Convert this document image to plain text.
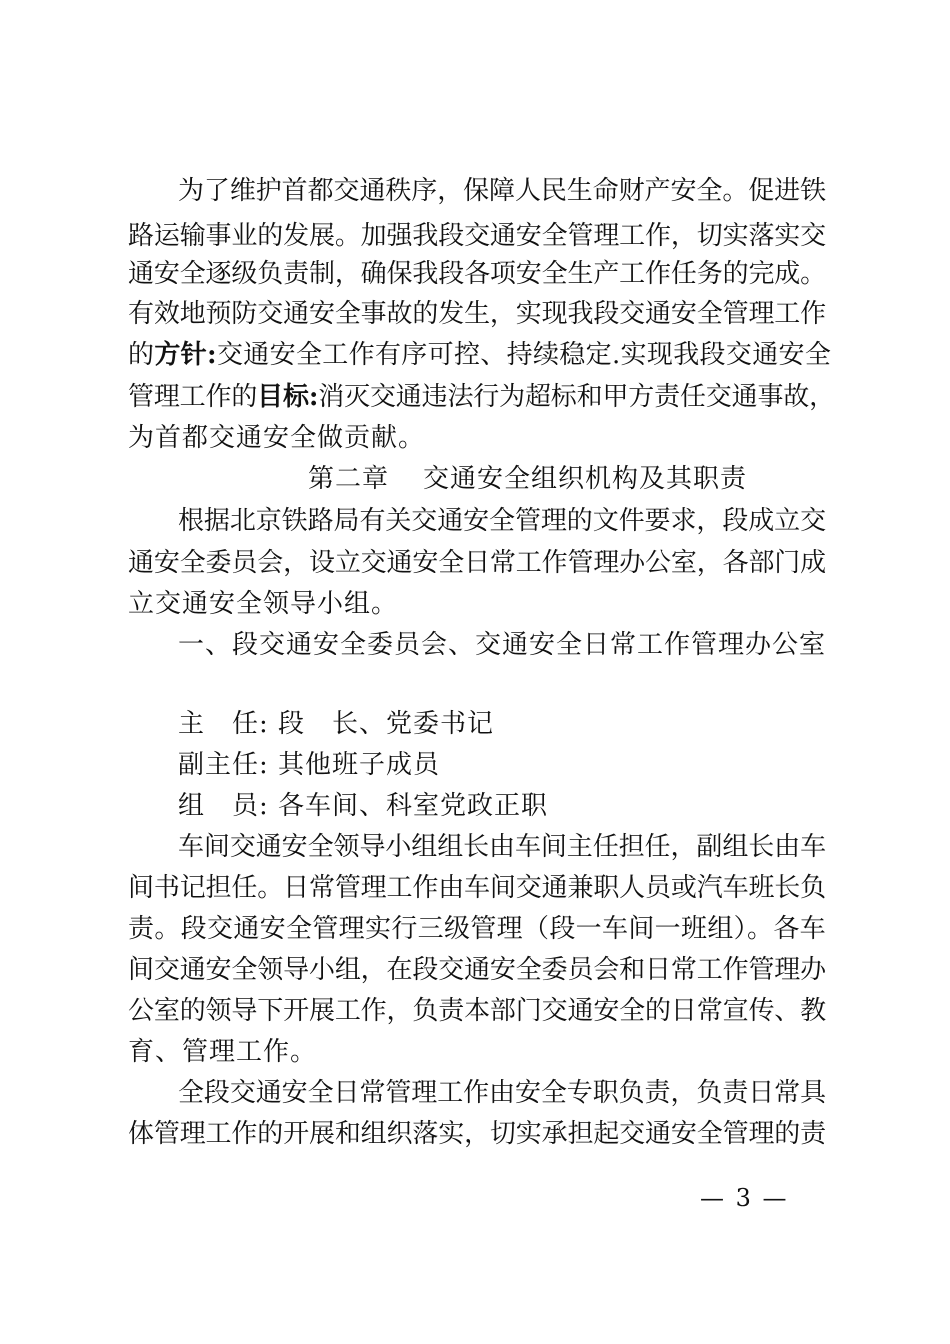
为了维护首都交通秩序，保障人民生命财产安全。促进铁
路运输事业的发展。加强我段交通安全管理工作，切实落实交
通安全逐级负责制，确保我段各项安全生产工作任务的完成。
有效地预防交通安全事故的发生，实现我段交通安全管理工作
的方针:交通安全工作有序可控、持续稳定.实现我段交通安全
管理工作的目标:消灭交通违法行为超标和甲方责任交通事故，
为首都交通安全做贡献。
第二章 交通安全组织机构及其职责
根据北京铁路局有关交通安全管理的文件要求，段成立交
通安全委员会，设立交通安全日常工作管理办公室，各部门成
立交通安全领导小组。
一、段交通安全委员会、交通安全日常工作管理办公室
主　任: 段　长、党委书记
副主任: 其他班子成员
组　员: 各车间、科室党政正职
车间交通安全领导小组组长由车间主任担任，副组长由车
间书记担任。日常管理工作由车间交通兼职人员或汽车班长负
责。段交通安全管理实行三级管理（段一车间一班组）。各车
间交通安全领导小组，在段交通安全委员会和日常工作管理办
公室的领导下开展工作，负责本部门交通安全的日常宣传、教
育、管理工作。
全段交通安全日常管理工作由安全专职负责，负责日常具
体管理工作的开展和组织落实，切实承担起交通安全管理的责
— 3 —
